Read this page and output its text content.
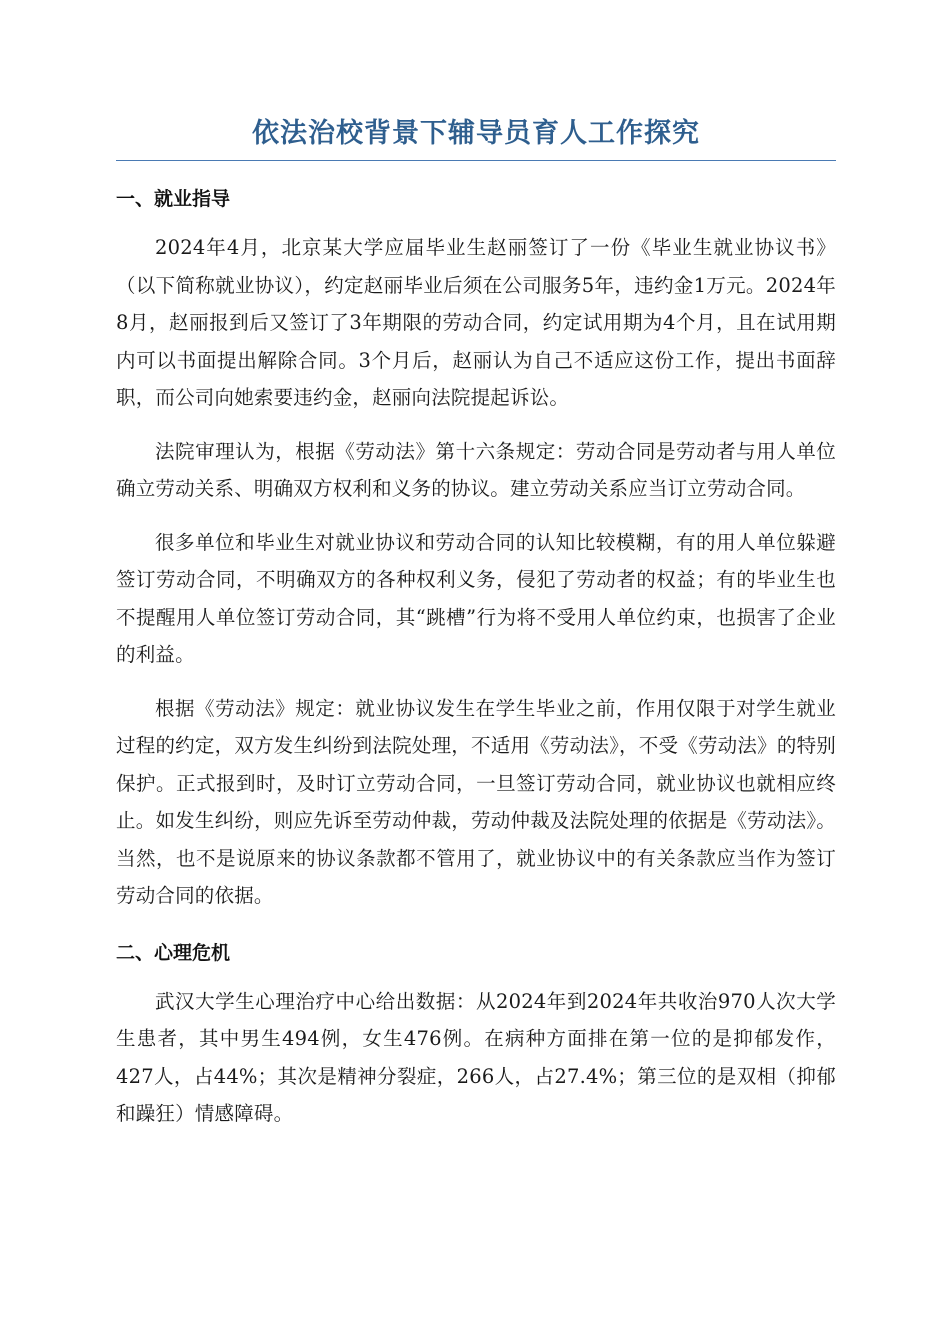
依法治校背景下辅导员育人工作探究
一、就业指导

2024年4月，北京某大学应届毕业生赵丽签订了一份《毕业生就业协议书》（以下简称就业协议），约定赵丽毕业后须在公司服务5年，违约金1万元。2024年8月，赵丽报到后又签订了3年期限的劳动合同，约定试用期为4个月，且在试用期内可以书面提出解除合同。3个月后，赵丽认为自己不适应这份工作，提出书面辞职，而公司向她索要违约金，赵丽向法院提起诉讼。

法院审理认为，根据《劳动法》第十六条规定：劳动合同是劳动者与用人单位确立劳动关系、明确双方权利和义务的协议。建立劳动关系应当订立劳动合同。

很多单位和毕业生对就业协议和劳动合同的认知比较模糊，有的用人单位躲避签订劳动合同，不明确双方的各种权利义务，侵犯了劳动者的权益；有的毕业生也不提醒用人单位签订劳动合同，其“跳槽”行为将不受用人单位约束，也损害了企业的利益。

根据《劳动法》规定：就业协议发生在学生毕业之前，作用仅限于对学生就业过程的约定，双方发生纠纷到法院处理，不适用《劳动法》，不受《劳动法》的特别保护。正式报到时，及时订立劳动合同，一旦签订劳动合同，就业协议也就相应终止。如发生纠纷，则应先诉至劳动仲裁，劳动仲裁及法院处理的依据是《劳动法》。当然，也不是说原来的协议条款都不管用了，就业协议中的有关条款应当作为签订劳动合同的依据。

二、心理危机

武汉大学生心理治疗中心给出数据：从2024年到2024年共收治970人次大学生患者，其中男生494例，女生476例。在病种方面排在第一位的是抑郁发作，427人，占44%；其次是精神分裂症，266人，占27.4%；第三位的是双相（抑郁和躁狂）情感障碍。
